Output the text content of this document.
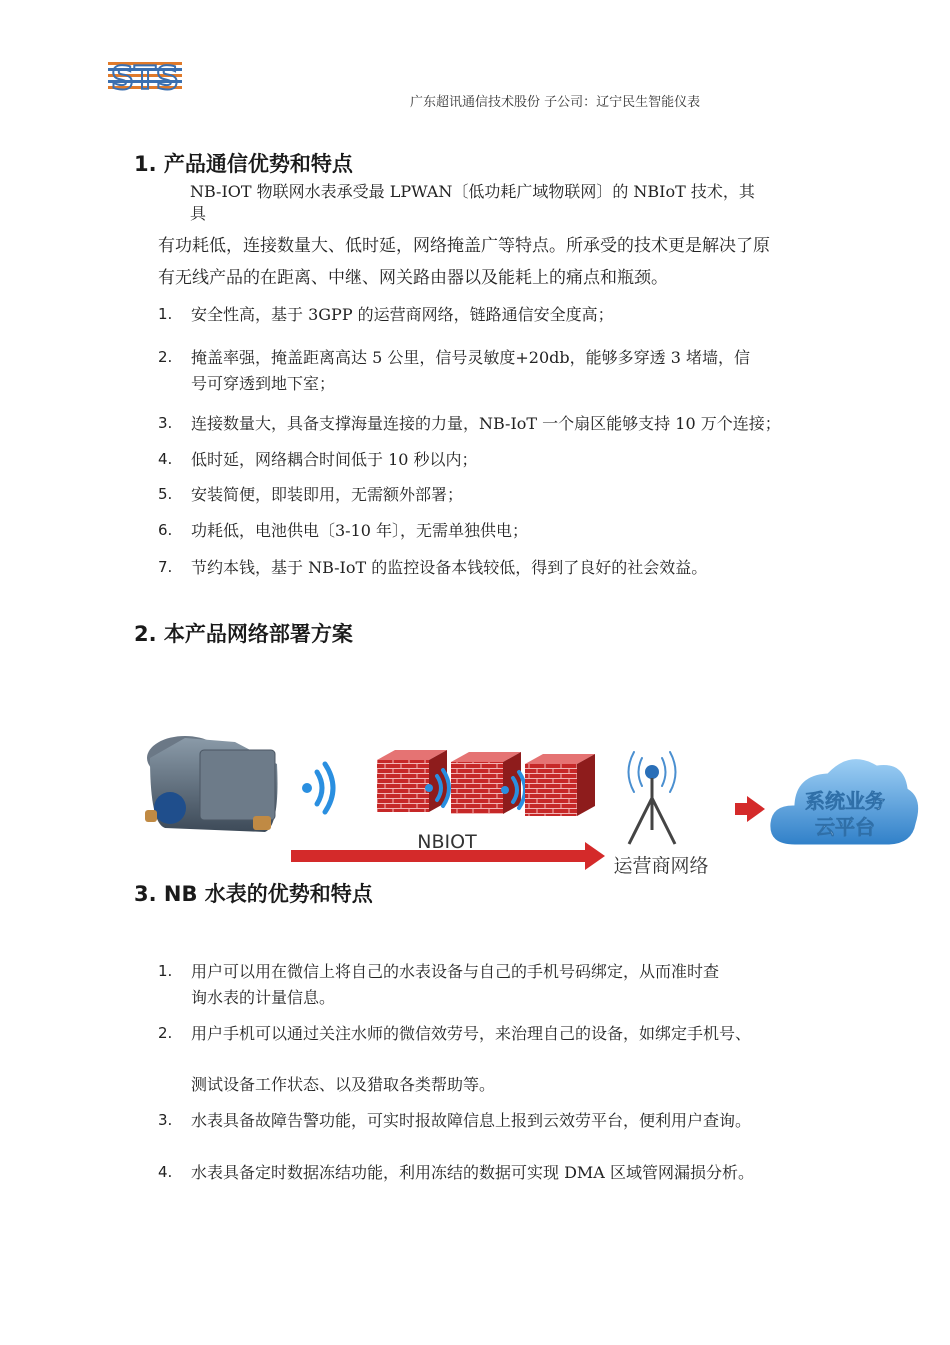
STS
广东超讯通信技术股份 子公司：辽宁民生智能仪表
1. 产品通信优势和特点
NB-IOT 物联网水表承受最 LPWAN〔低功耗广域物联网〕的 NBIoT 技术，其
具
有功耗低，连接数量大、低时延，网络掩盖广等特点。所承受的技术更是解决了原
有无线产品的在距离、中继、网关路由器以及能耗上的痛点和瓶颈。
1.	安全性高，基于 3GPP 的运营商网络，链路通信安全度高；
2.	掩盖率强，掩盖距离高达 5 公里，信号灵敏度+20db，能够多穿透 3 堵墙，信
号可穿透到地下室；
3.	连接数量大，具备支撑海量连接的力量，NB-IoT 一个扇区能够支持 10 万个连接；
4.	低时延，网络耦合时间低于 10 秒以内；
5.	安装简便，即装即用，无需额外部署；
6.	功耗低，电池供电〔3-10 年〕，无需单独供电；
7.	节约本钱，基于 NB-IoT 的监控设备本钱较低，得到了良好的社会效益。
2. 本产品网络部署方案
NBIOT
运营商网络
系统业务
云平台
3. NB 水表的优势和特点
1.	用户可以用在微信上将自己的水表设备与自己的手机号码绑定，从而准时查
询水表的计量信息。
2.	用户手机可以通过关注水师的微信效劳号，来治理自己的设备，如绑定手机号、
测试设备工作状态、以及猎取各类帮助等。
3.	水表具备故障告警功能，可实时报故障信息上报到云效劳平台，便利用户查询。
4.	水表具备定时数据冻结功能，利用冻结的数据可实现 DMA 区域管网漏损分析。
